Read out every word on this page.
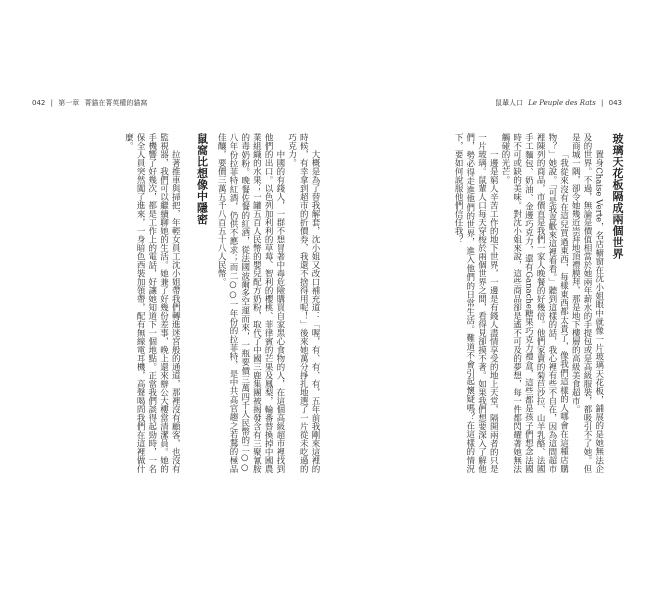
042 | 第一章 菁貓在菁英權的貓窩	鼠輩人口 Le Peuple des Rats | 043
玻璃天花板隔成兩個世界

置身Chaise Verte，名店櫥窗在沈小姐眼中就像一片玻璃天花板，鋪展的是她無法企及的世界。不過，無論是價值相當於她兩年薪水的手提包或是高級服裝，都吸引不了她。但是商城一隅，卻令她幾近崇拜地頂禮膜拜，那是地下樓層的高級美食超市。

「我從來沒有在這兒買過東西，每樣東西都太貴了，像我們這樣的人哪會在這種店購物？」她說。「可是我喜歡來這裡看看。」聽到這樣的話，我心裡有些不自在，因為這間超市裡陳列的商品，市價直是我們一家人晚餐的好幾倍。他們家賣的菊苣沙拉、山羊乳酪、法國手工麵包、奶油、金邊巧克力，還有Ganache糖果巧克力禮盒，這些都是孩子們想念法國時不可或缺的美味。對沈小姐來說，這些商品卻是遙不可及的夢想，每一件都閃耀著她無法觸碰的光芒。

一邊是窮人辛苦工作的地下世界，一邊是有錢人盡情享受的地上天堂，隔開兩者的只是一片玻璃。鼠輩人口每天穿梭於兩個世界之間，看得見卻摸不著。如果我們想要深入了解他們，勢必得走進他們的世界，進入他們的日常生活。難道不會引起懷疑嗎？在這樣的情況下，要如何說服他們信任我？

大概是為了替我解套，沈小姐又改口補充道：「喔，有、有、有，五年前我剛來這裡的時候，有幸拿到超市的折價券，我還不捨得用呢！」後來她萬分掙扎地選了一片從未吃過的巧克力。

中國的有錢人，一群不想冒著中毒危險購買自家黑心食物的人，在這個高級超市裡找到他們的出口。以色列加利利的草莓、智利的櫻桃、菲律賓的芒果及鳳梨，輪番替換掉中國農業組織的水果；一罐五百人民幣的嬰兒配方奶粉，取代了中國三鹿集團被揭發含有三聚氰胺的毒奶粉。晚餐佐餐的紅酒，從法國波爾多空運而來，一瓶要價三萬四千人民幣的二○○八年份拉菲特紅酒，仍供不應求；而二○○一年份的拉菲特，是中共高官趨之若鶩的極品佳釀，要價三萬五千八百五十八人民幣。

鼠窩比想像中隱密

拉著推車與掃把，年輕女員工沈小姐帶我們轉進迷宮般的通道，那裡沒有顧客，也沒有監視器，我們可以繼續聊她的生活。她兼了好幾份差事，晚上還來辦公大樓當清潔員。她的手機響了好幾次，都是工作上的電話，好讓她知道下一個地點。正當我們談得起勁時，一名保全人員突然闖了進來，一身暗色西裝加領帶，配有無線電耳機，高聲喝問我們在這裡做什麼。
